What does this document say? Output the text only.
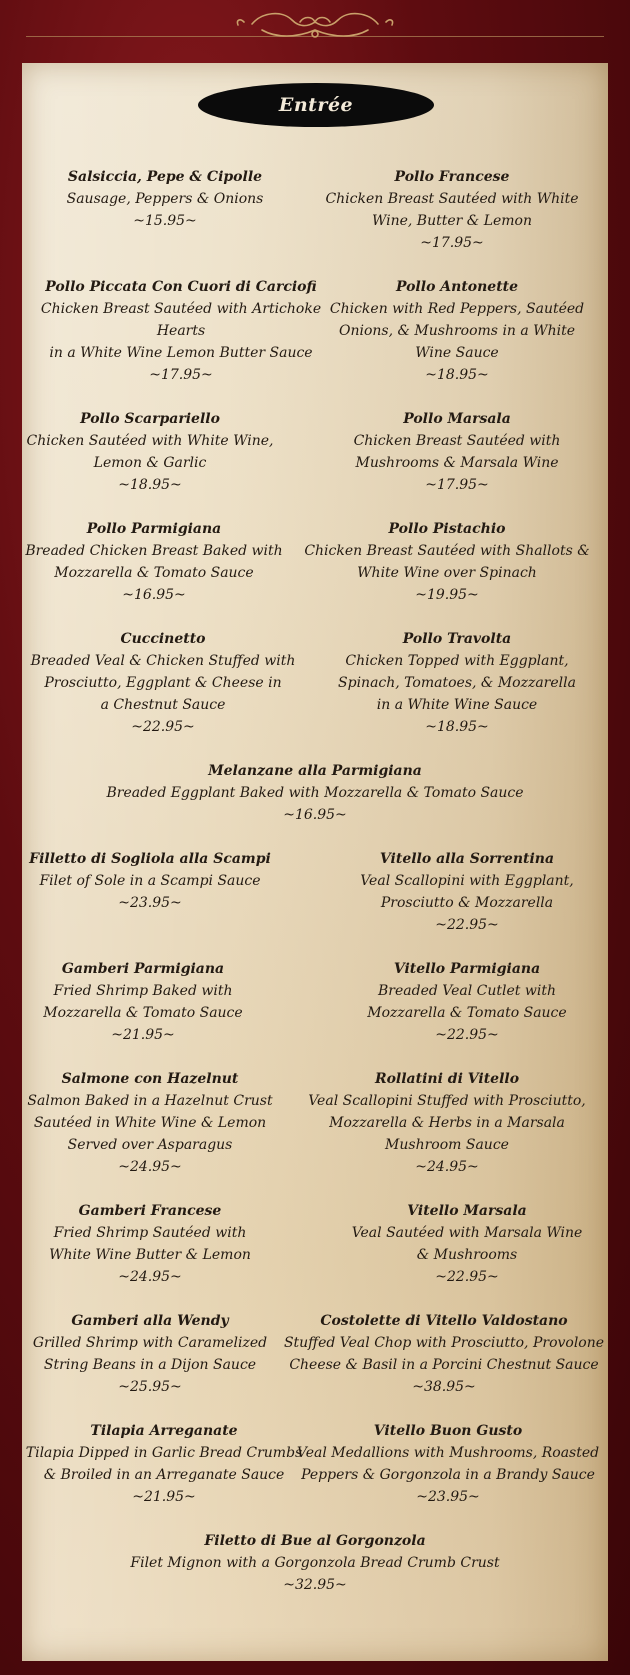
Entrée
Salsiccia, Pepe & Cipolle
Sausage, Peppers & Onions
~15.95~
Pollo Francese
Chicken Breast Sautéed with White
Wine, Butter & Lemon
~17.95~
Pollo Piccata Con Cuori di Carciofi
Chicken Breast Sautéed with Artichoke Hearts
in a White Wine Lemon Butter Sauce
~17.95~
Pollo Antonette
Chicken with Red Peppers, Sautéed
Onions, & Mushrooms in a White
Wine Sauce
~18.95~
Pollo Scarpariello
Chicken Sautéed with White Wine,
Lemon & Garlic
~18.95~
Pollo Marsala
Chicken Breast Sautéed with
Mushrooms & Marsala Wine
~17.95~
Pollo Parmigiana
Breaded Chicken Breast Baked with
Mozzarella & Tomato Sauce
~16.95~
Pollo Pistachio
Chicken Breast Sautéed with Shallots &
White Wine over Spinach
~19.95~
Cuccinetto
Breaded Veal & Chicken Stuffed with
Prosciutto, Eggplant & Cheese in
a Chestnut Sauce
~22.95~
Pollo Travolta
Chicken Topped with Eggplant,
Spinach, Tomatoes, & Mozzarella
in a White Wine Sauce
~18.95~
Melanzane alla Parmigiana
Breaded Eggplant Baked with Mozzarella & Tomato Sauce
~16.95~
Filletto di Sogliola alla Scampi
Filet of Sole in a Scampi Sauce
~23.95~
Vitello alla Sorrentina
Veal Scallopini with Eggplant,
Prosciutto & Mozzarella
~22.95~
Gamberi Parmigiana
Fried Shrimp Baked with
Mozzarella & Tomato Sauce
~21.95~
Vitello Parmigiana
Breaded Veal Cutlet with
Mozzarella & Tomato Sauce
~22.95~
Salmone con Hazelnut
Salmon Baked in a Hazelnut Crust
Sautéed in White Wine & Lemon
Served over Asparagus
~24.95~
Rollatini di Vitello
Veal Scallopini Stuffed with Prosciutto,
Mozzarella & Herbs in a Marsala
Mushroom Sauce
~24.95~
Gamberi Francese
Fried Shrimp Sautéed with
White Wine Butter & Lemon
~24.95~
Vitello Marsala
Veal Sautéed with Marsala Wine
& Mushrooms
~22.95~
Gamberi alla Wendy
Grilled Shrimp with Caramelized
String Beans in a Dijon Sauce
~25.95~
Costolette di Vitello Valdostano
Stuffed Veal Chop with Prosciutto, Provolone
Cheese & Basil in a Porcini Chestnut Sauce
~38.95~
Tilapia Arreganate
Tilapia Dipped in Garlic Bread Crumbs
& Broiled in an Arreganate Sauce
~21.95~
Vitello Buon Gusto
Veal Medallions with Mushrooms, Roasted
Peppers & Gorgonzola in a Brandy Sauce
~23.95~
Filetto di Bue al Gorgonzola
Filet Mignon with a Gorgonzola Bread Crumb Crust
~32.95~
